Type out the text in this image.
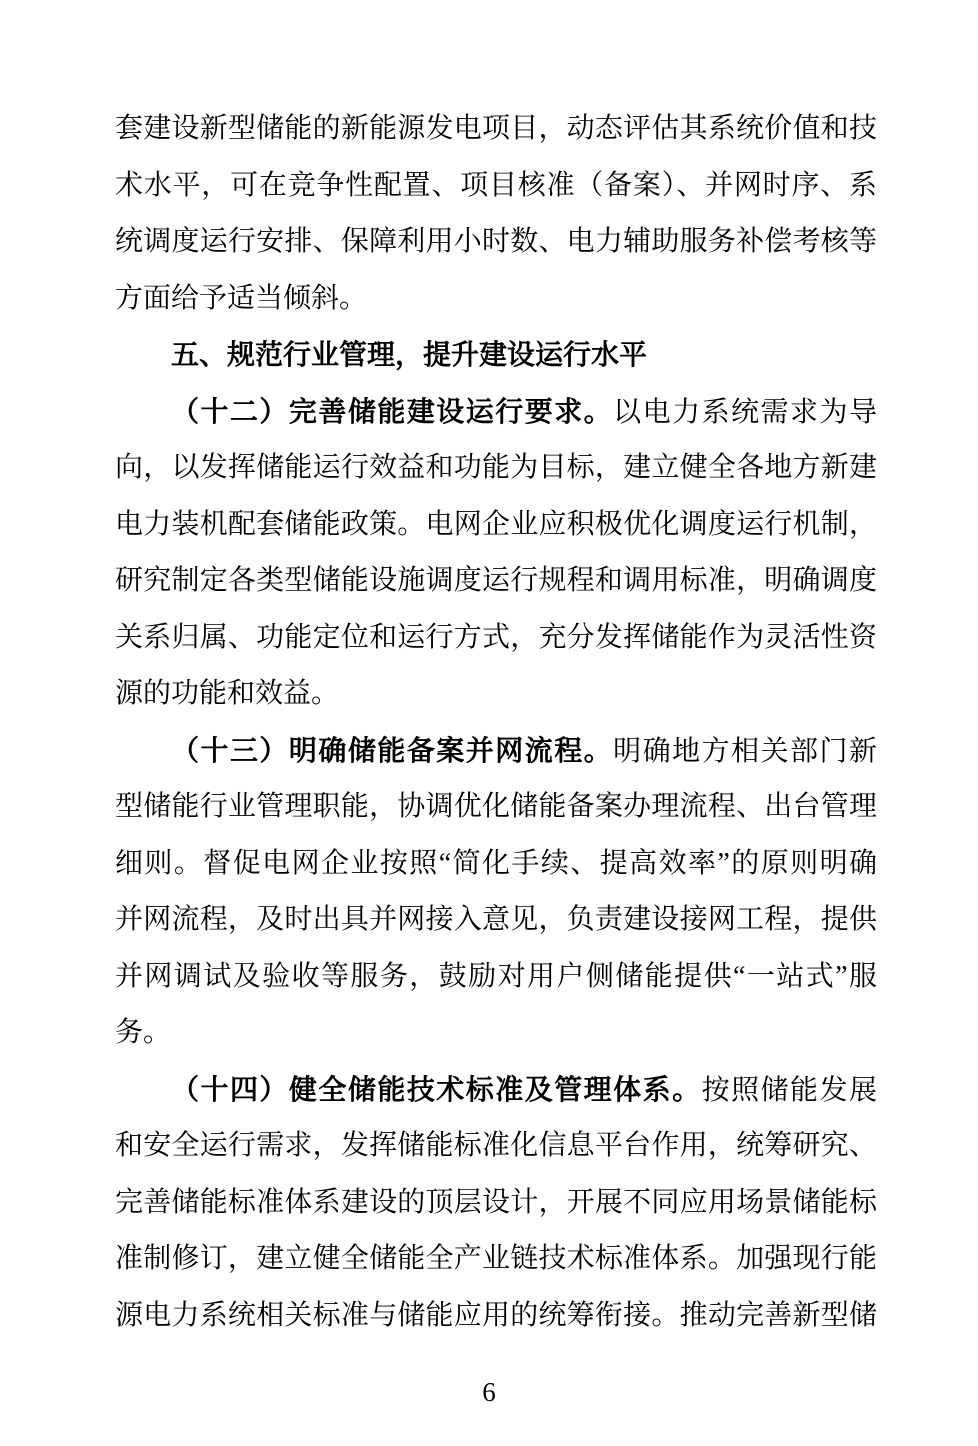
套建设新型储能的新能源发电项目，动态评估其系统价值和技
术水平，可在竞争性配置、项目核准（备案）、并网时序、系
统调度运行安排、保障利用小时数、电力辅助服务补偿考核等
方面给予适当倾斜。
五、规范行业管理，提升建设运行水平
（十二）完善储能建设运行要求。以电力系统需求为导
向，以发挥储能运行效益和功能为目标，建立健全各地方新建
电力装机配套储能政策。电网企业应积极优化调度运行机制，
研究制定各类型储能设施调度运行规程和调用标准，明确调度
关系归属、功能定位和运行方式，充分发挥储能作为灵活性资
源的功能和效益。
（十三）明确储能备案并网流程。明确地方相关部门新
型储能行业管理职能，协调优化储能备案办理流程、出台管理
细则。督促电网企业按照“简化手续、提高效率”的原则明确
并网流程，及时出具并网接入意见，负责建设接网工程，提供
并网调试及验收等服务，鼓励对用户侧储能提供“一站式”服
务。
（十四）健全储能技术标准及管理体系。按照储能发展
和安全运行需求，发挥储能标准化信息平台作用，统筹研究、
完善储能标准体系建设的顶层设计，开展不同应用场景储能标
准制修订，建立健全储能全产业链技术标准体系。加强现行能
源电力系统相关标准与储能应用的统筹衔接。推动完善新型储
6
